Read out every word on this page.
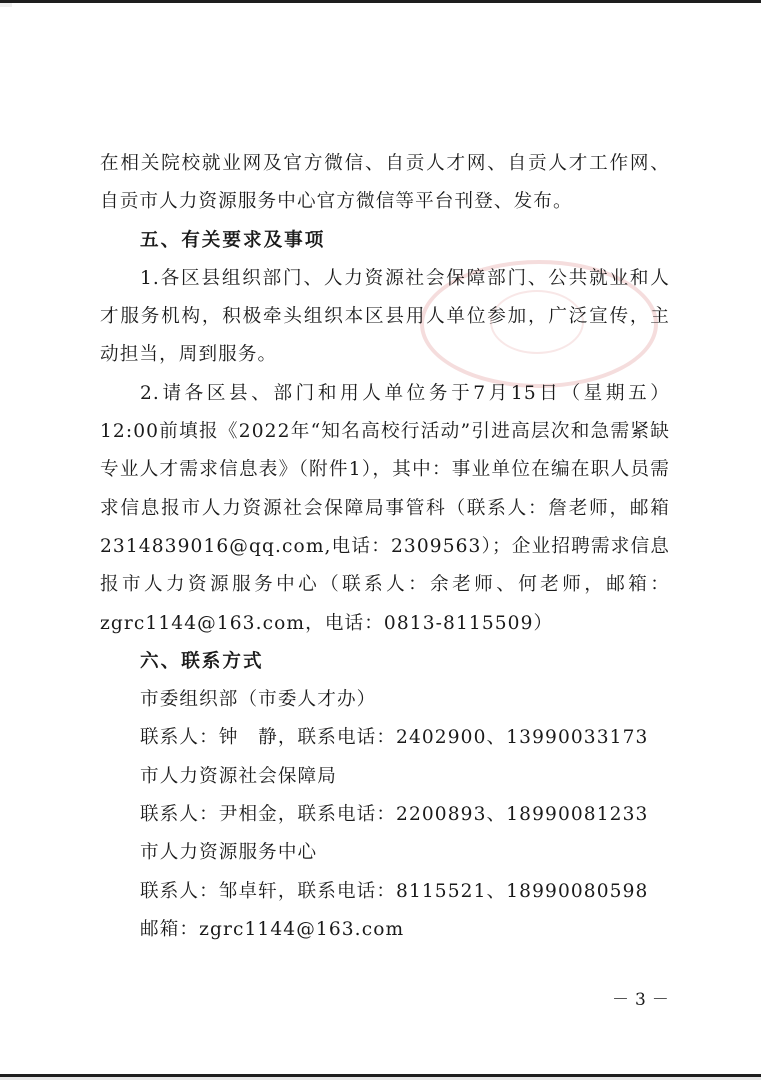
在相关院校就业网及官方微信、自贡人才网、自贡人才工作网、自贡市人力资源服务中心官方微信等平台刊登、发布。

五、有关要求及事项

1.各区县组织部门、人力资源社会保障部门、公共就业和人才服务机构，积极牵头组织本区县用人单位参加，广泛宣传，主动担当，周到服务。

2.请各区县、部门和用人单位务于7月15日（星期五）12:00前填报《2022年“知名高校行活动”引进高层次和急需紧缺专业人才需求信息表》（附件1），其中：事业单位在编在职人员需求信息报市人力资源社会保障局事管科（联系人：詹老师，邮箱2314839016@qq.com,电话：2309563）；企业招聘需求信息报市人力资源服务中心（联系人：余老师、何老师，邮箱：zgrc1144@163.com，电话：0813-8115509）

六、联系方式

市委组织部（市委人才办）

联系人：钟　静，联系电话：2402900、13990033173

市人力资源社会保障局

联系人：尹相金，联系电话：2200893、18990081233

市人力资源服务中心

联系人：邹卓轩，联系电话：8115521、18990080598

邮箱：zgrc1144@163.com

－3－
